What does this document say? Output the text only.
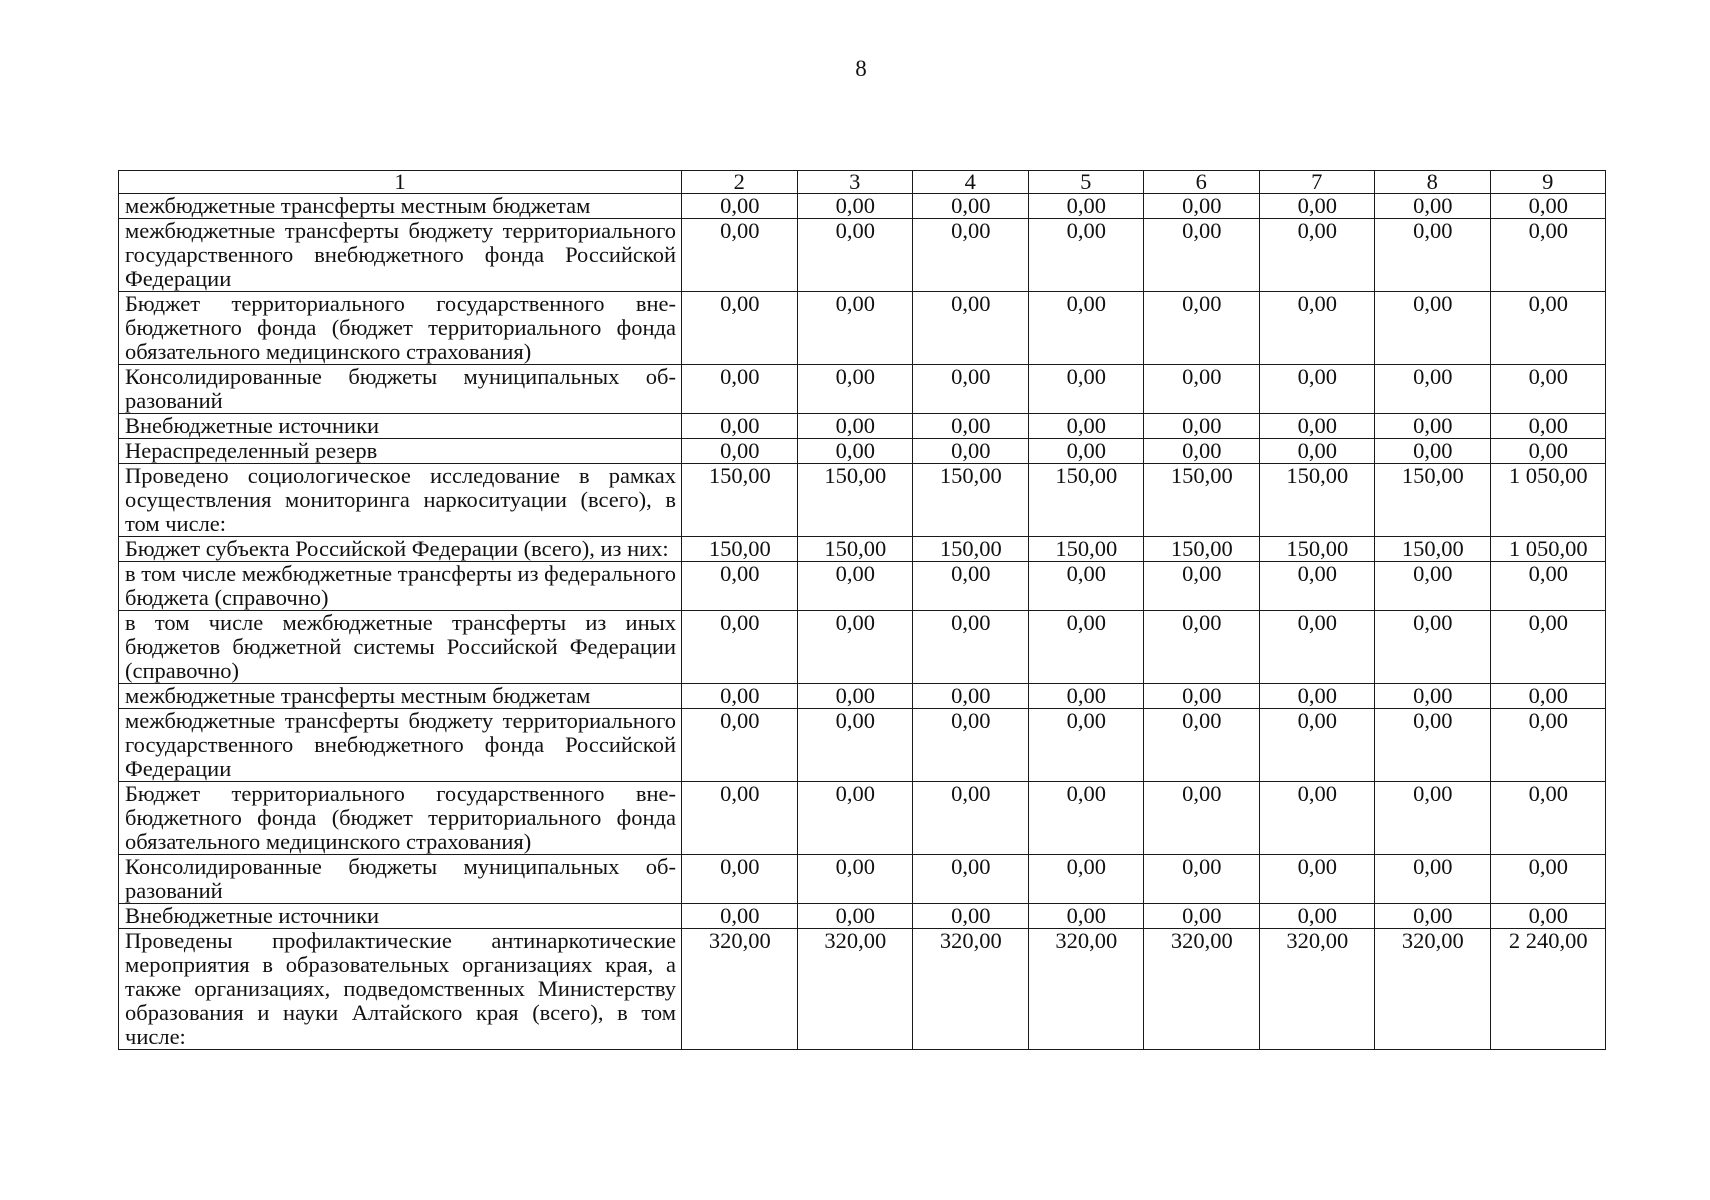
8
1	2	3	4	5	6	7	8	9
межбюджетные трансферты местным бюджетам	0,00	0,00	0,00	0,00	0,00	0,00	0,00	0,00
межбюджетные трансферты бюджету территориального государственного внебюджетного фонда Российской Федерации	0,00	0,00	0,00	0,00	0,00	0,00	0,00	0,00
Бюджет территориального государственного внебюджетного фонда (бюджет территориального фонда обязательного медицинского страхования)	0,00	0,00	0,00	0,00	0,00	0,00	0,00	0,00
Консолидированные бюджеты муниципальных образований	0,00	0,00	0,00	0,00	0,00	0,00	0,00	0,00
Внебюджетные источники	0,00	0,00	0,00	0,00	0,00	0,00	0,00	0,00
Нераспределенный резерв	0,00	0,00	0,00	0,00	0,00	0,00	0,00	0,00
Проведено социологическое исследование в рамках осуществления мониторинга наркоситуации (всего), в том числе:	150,00	150,00	150,00	150,00	150,00	150,00	150,00	1 050,00
Бюджет субъекта Российской Федерации (всего), из них:	150,00	150,00	150,00	150,00	150,00	150,00	150,00	1 050,00
в том числе межбюджетные трансферты из федерального бюджета (справочно)	0,00	0,00	0,00	0,00	0,00	0,00	0,00	0,00
в том числе межбюджетные трансферты из иных бюджетов бюджетной системы Российской Федерации (справочно)	0,00	0,00	0,00	0,00	0,00	0,00	0,00	0,00
межбюджетные трансферты местным бюджетам	0,00	0,00	0,00	0,00	0,00	0,00	0,00	0,00
межбюджетные трансферты бюджету территориального государственного внебюджетного фонда Российской Федерации	0,00	0,00	0,00	0,00	0,00	0,00	0,00	0,00
Бюджет территориального государственного внебюджетного фонда (бюджет территориального фонда обязательного медицинского страхования)	0,00	0,00	0,00	0,00	0,00	0,00	0,00	0,00
Консолидированные бюджеты муниципальных образований	0,00	0,00	0,00	0,00	0,00	0,00	0,00	0,00
Внебюджетные источники	0,00	0,00	0,00	0,00	0,00	0,00	0,00	0,00
Проведены профилактические антинаркотические мероприятия в образовательных организациях края, а также организациях, подведомственных Министерству образования и науки Алтайского края (всего), в том числе:	320,00	320,00	320,00	320,00	320,00	320,00	320,00	2 240,00
